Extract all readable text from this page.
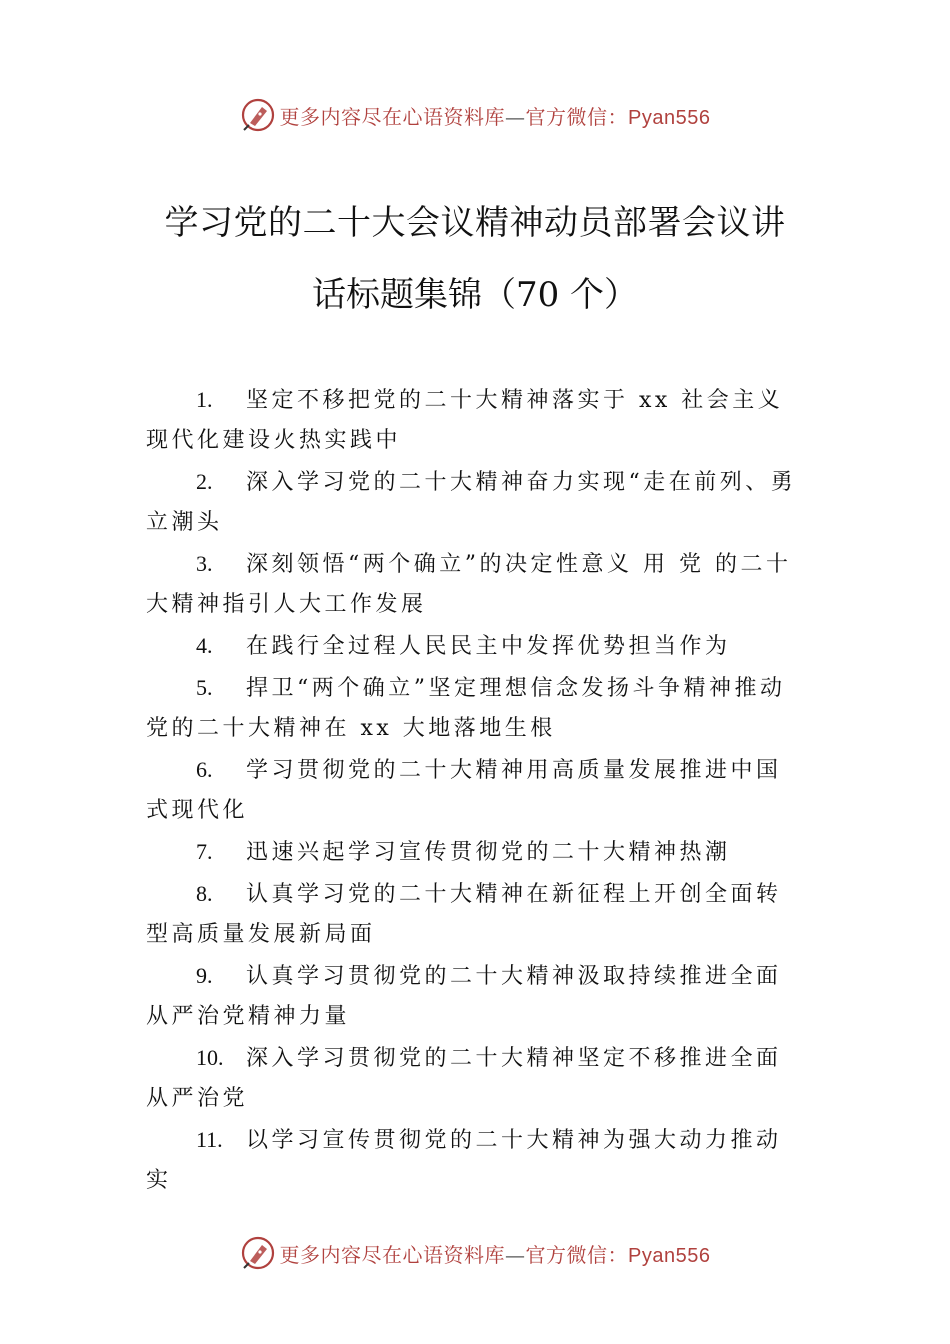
更多内容尽在心语资料库—官方微信：Pyan556
学习党的二十大会议精神动员部署会议讲
话标题集锦（70 个）
1. 坚定不移把党的二十大精神落实于 xx 社会主义现代化建设火热实践中
2. 深入学习党的二十大精神奋力实现“走在前列、勇立潮头
3. 深刻领悟“两个确立”的决定性意义 用 党 的二十大精神指引人大工作发展
4. 在践行全过程人民民主中发挥优势担当作为
5. 捍卫“两个确立”坚定理想信念发扬斗争精神推动党的二十大精神在 xx 大地落地生根
6. 学习贯彻党的二十大精神用高质量发展推进中国式现代化
7. 迅速兴起学习宣传贯彻党的二十大精神热潮
8. 认真学习党的二十大精神在新征程上开创全面转型高质量发展新局面
9. 认真学习贯彻党的二十大精神汲取持续推进全面从严治党精神力量
10. 深入学习贯彻党的二十大精神坚定不移推进全面从严治党
11. 以学习宣传贯彻党的二十大精神为强大动力推动实
更多内容尽在心语资料库—官方微信：Pyan556
